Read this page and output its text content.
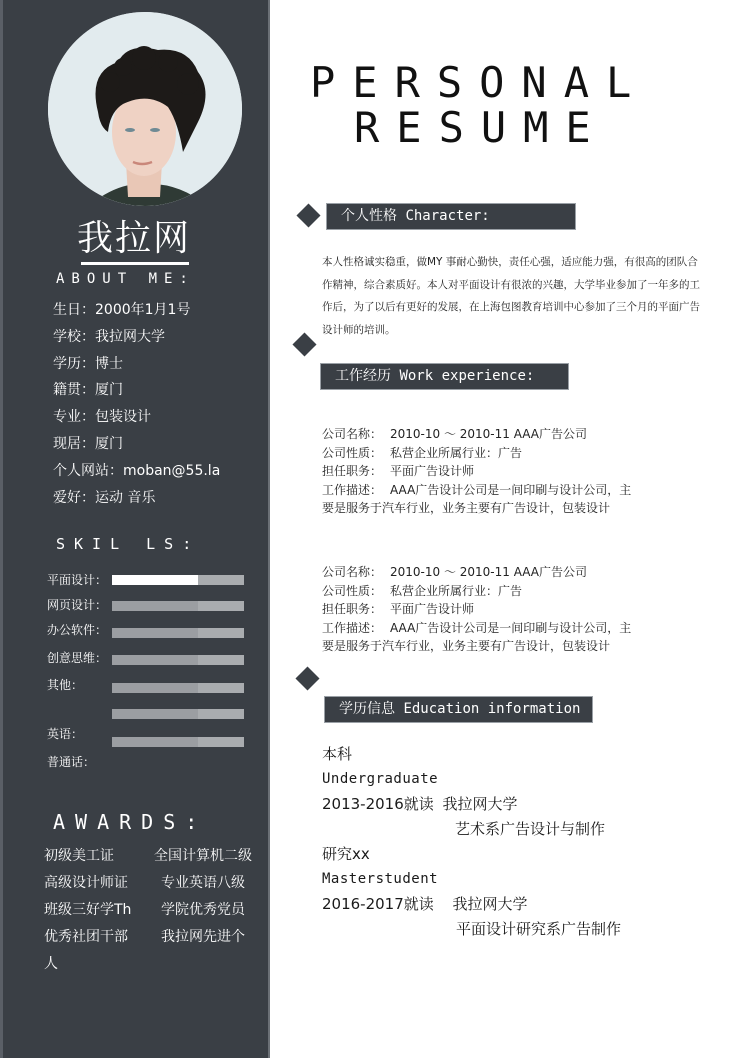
我拉网
ABOUT ME:
生日：2000年1月1号
学校：我拉网大学
学历：博士
籍贯：厦门
专业：包装设计
现居：厦门
个人网站：moban@55.la
爱好：运动 音乐
SKIL LS:
平面设计：
网页设计：
办公软件：
创意思维：
其他：
英语：
普通话：
AWARDS:
初级美工证	全国计算机二级
高级设计师证	专业英语八级
班级三好学Th	学院优秀党员
优秀社团干部	我拉网先进个
人
PERSONAL
RESUME
个人性格 Character:

本人性格诚实稳重，做MY 事耐心勤快，责任心强，适应能力强，有很高的团队合作精神，综合素质好。本人对平面设计有很浓的兴趣，大学毕业参加了一年多的工作后，为了以后有更好的发展，在上海包图教育培训中心参加了三个月的平面广告设计师的培训。

工作经历 Work experience:
公司名称： 2010-10 ～ 2010-11 AAA广告公司
公司性质： 私营企业所属行业：广告
担任职务： 平面广告设计师
工作描述： AAA广告设计公司是一间印刷与设计公司，主
要是服务于汽车行业，业务主要有广告设计，包装设计
公司名称： 2010-10 ～ 2010-11 AAA广告公司
公司性质： 私营企业所属行业：广告
担任职务： 平面广告设计师
工作描述： AAA广告设计公司是一间印刷与设计公司，主
要是服务于汽车行业，业务主要有广告设计，包装设计
学历信息 Education information
本科
Undergraduate
2013-2016就读 我拉网大学
艺术系广告设计与制作
研究xx
Masterstudent
2016-2017就读 我拉网大学
平面设计研究系广告制作
